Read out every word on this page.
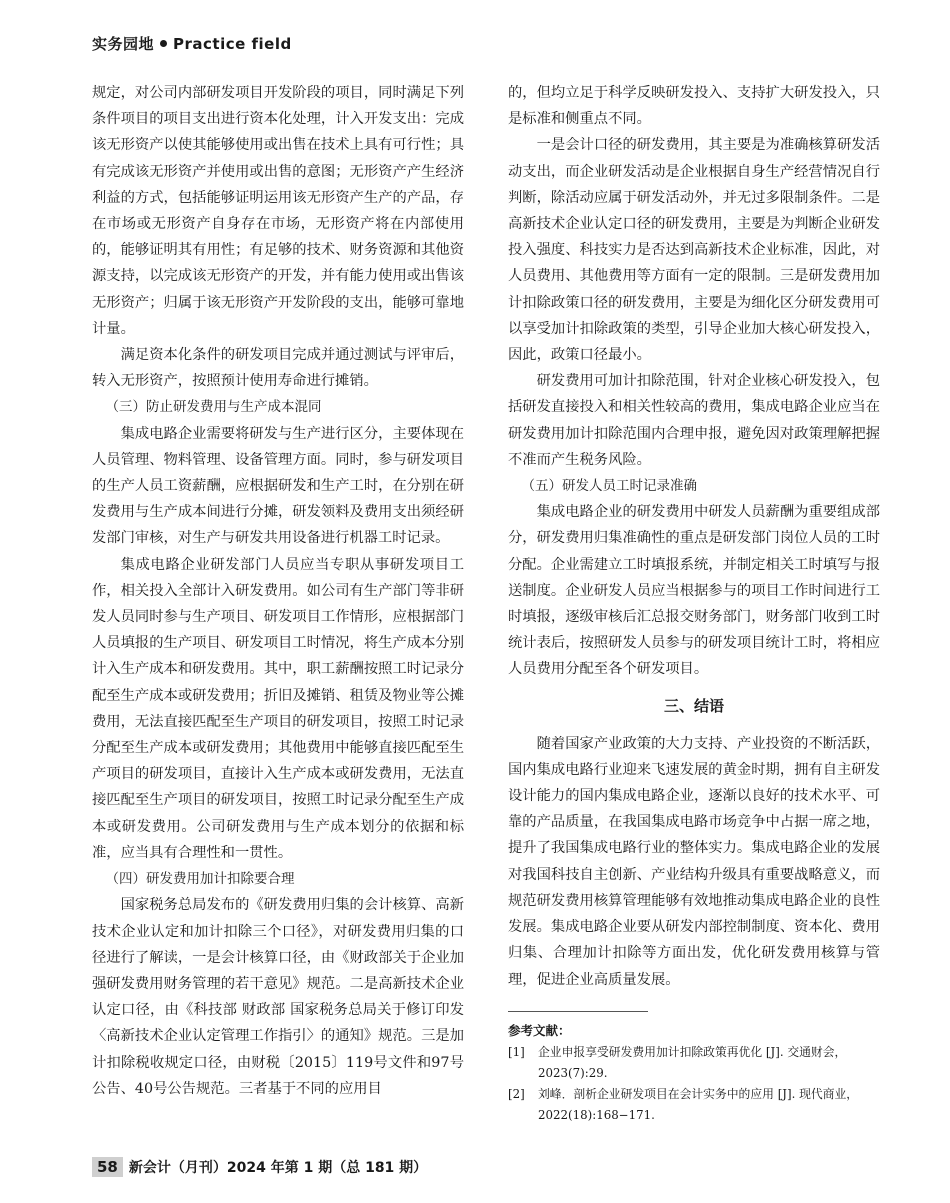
实务园地 Practice field

规定，对公司内部研发项目开发阶段的项目，同时满足下列条件项目的项目支出进行资本化处理，计入开发支出：完成该无形资产以使其能够使用或出售在技术上具有可行性；具有完成该无形资产并使用或出售的意图；无形资产产生经济利益的方式，包括能够证明运用该无形资产生产的产品，存在市场或无形资产自身存在市场，无形资产将在内部使用的，能够证明其有用性；有足够的技术、财务资源和其他资源支持，以完成该无形资产的开发，并有能力使用或出售该无形资产；归属于该无形资产开发阶段的支出，能够可靠地计量。

满足资本化条件的研发项目完成并通过测试与评审后，转入无形资产，按照预计使用寿命进行摊销。

（三）防止研发费用与生产成本混同

集成电路企业需要将研发与生产进行区分，主要体现在人员管理、物料管理、设备管理方面。同时，参与研发项目的生产人员工资薪酬，应根据研发和生产工时，在分别在研发费用与生产成本间进行分摊，研发领料及费用支出须经研发部门审核，对生产与研发共用设备进行机器工时记录。

集成电路企业研发部门人员应当专职从事研发项目工作，相关投入全部计入研发费用。如公司有生产部门等非研发人员同时参与生产项目、研发项目工作情形，应根据部门人员填报的生产项目、研发项目工时情况，将生产成本分别计入生产成本和研发费用。其中，职工薪酬按照工时记录分配至生产成本或研发费用；折旧及摊销、租赁及物业等公摊费用，无法直接匹配至生产项目的研发项目，按照工时记录分配至生产成本或研发费用；其他费用中能够直接匹配至生产项目的研发项目，直接计入生产成本或研发费用，无法直接匹配至生产项目的研发项目，按照工时记录分配至生产成本或研发费用。公司研发费用与生产成本划分的依据和标准，应当具有合理性和一贯性。

（四）研发费用加计扣除要合理

国家税务总局发布的《研发费用归集的会计核算、高新技术企业认定和加计扣除三个口径》，对研发费用归集的口径进行了解读，一是会计核算口径，由《财政部关于企业加强研发费用财务管理的若干意见》规范。二是高新技术企业认定口径，由《科技部 财政部 国家税务总局关于修订印发〈高新技术企业认定管理工作指引〉的通知》规范。三是加计扣除税收规定口径，由财税〔2015〕119号文件和97号公告、40号公告规范。三者基于不同的应用目

的，但均立足于科学反映研发投入、支持扩大研发投入，只是标准和侧重点不同。

一是会计口径的研发费用，其主要是为准确核算研发活动支出，而企业研发活动是企业根据自身生产经营情况自行判断，除活动应属于研发活动外，并无过多限制条件。二是高新技术企业认定口径的研发费用，主要是为判断企业研发投入强度、科技实力是否达到高新技术企业标准，因此，对人员费用、其他费用等方面有一定的限制。三是研发费用加计扣除政策口径的研发费用，主要是为细化区分研发费用可以享受加计扣除政策的类型，引导企业加大核心研发投入，因此，政策口径最小。

研发费用可加计扣除范围，针对企业核心研发投入，包括研发直接投入和相关性较高的费用，集成电路企业应当在研发费用加计扣除范围内合理申报，避免因对政策理解把握不准而产生税务风险。

（五）研发人员工时记录准确

集成电路企业的研发费用中研发人员薪酬为重要组成部分，研发费用归集准确性的重点是研发部门岗位人员的工时分配。企业需建立工时填报系统，并制定相关工时填写与报送制度。企业研发人员应当根据参与的项目工作时间进行工时填报，逐级审核后汇总报交财务部门，财务部门收到工时统计表后，按照研发人员参与的研发项目统计工时，将相应人员费用分配至各个研发项目。

三、结语

随着国家产业政策的大力支持、产业投资的不断活跃，国内集成电路行业迎来飞速发展的黄金时期，拥有自主研发设计能力的国内集成电路企业，逐渐以良好的技术水平、可靠的产品质量，在我国集成电路市场竞争中占据一席之地，提升了我国集成电路行业的整体实力。集成电路企业的发展对我国科技自主创新、产业结构升级具有重要战略意义，而规范研发费用核算管理能够有效地推动集成电路企业的良性发展。集成电路企业要从研发内部控制制度、资本化、费用归集、合理加计扣除等方面出发，优化研发费用核算与管理，促进企业高质量发展。

参考文献：
[1]	企业申报享受研发费用加计扣除政策再优化 [J]. 交通财会，2023(7):29.
[2]	刘峰．剖析企业研发项目在会计实务中的应用 [J]. 现代商业，2022(18):168−171.
58 新会计（月刊）2024 年第 1 期（总 181 期）
